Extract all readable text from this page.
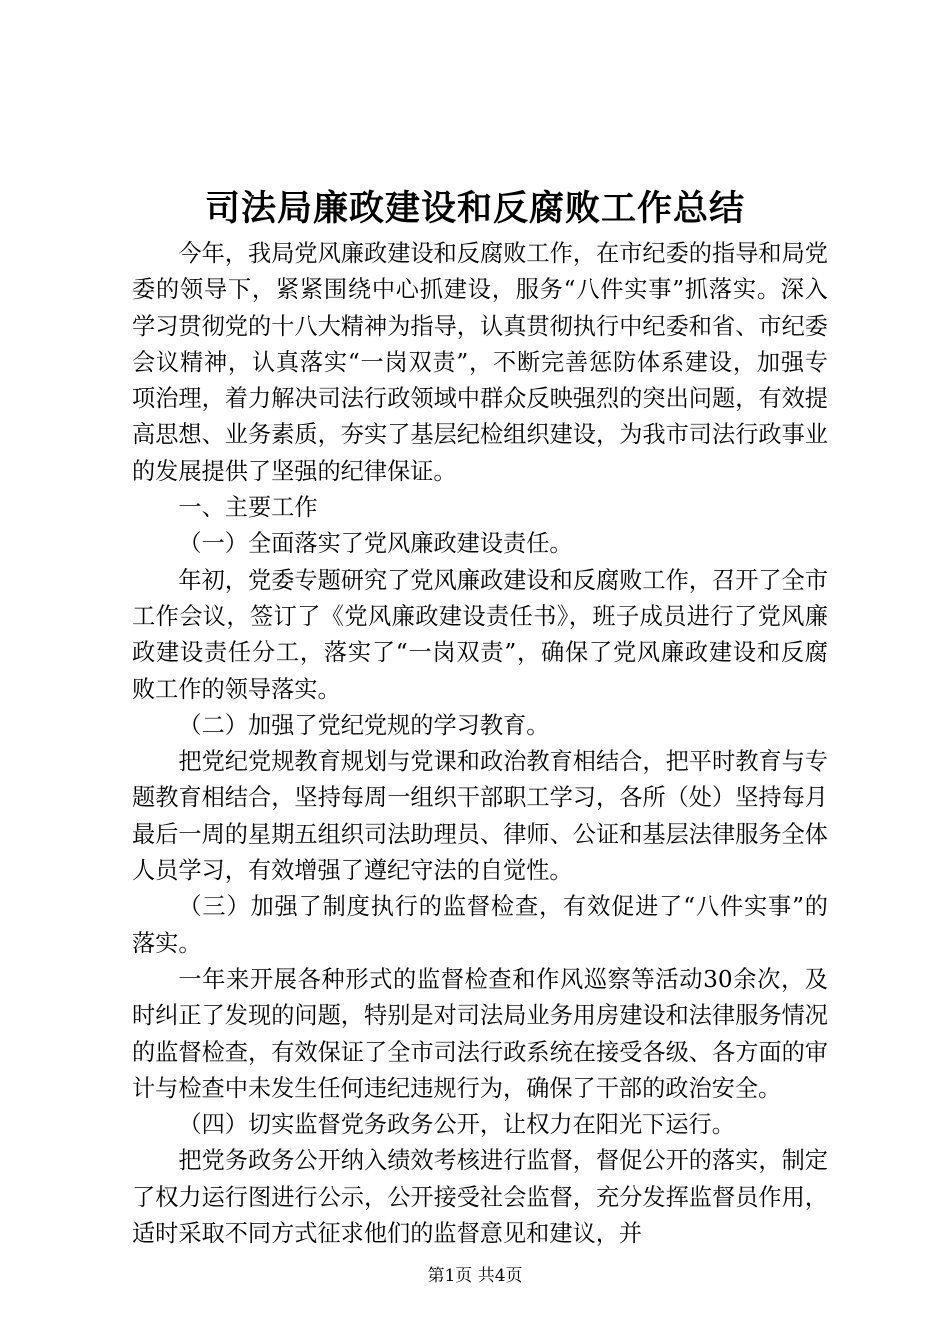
司法局廉政建设和反腐败工作总结

今年，我局党风廉政建设和反腐败工作，在市纪委的指导和局党委的领导下，紧紧围绕中心抓建设，服务“八件实事”抓落实。深入学习贯彻党的十八大精神为指导，认真贯彻执行中纪委和省、市纪委会议精神，认真落实“一岗双责”，不断完善惩防体系建设，加强专项治理，着力解决司法行政领域中群众反映强烈的突出问题，有效提高思想、业务素质，夯实了基层纪检组织建设，为我市司法行政事业的发展提供了坚强的纪律保证。

一、主要工作

（一）全面落实了党风廉政建设责任。

年初，党委专题研究了党风廉政建设和反腐败工作，召开了全市工作会议，签订了《党风廉政建设责任书》，班子成员进行了党风廉政建设责任分工，落实了“一岗双责”，确保了党风廉政建设和反腐败工作的领导落实。

（二）加强了党纪党规的学习教育。

把党纪党规教育规划与党课和政治教育相结合，把平时教育与专题教育相结合，坚持每周一组织干部职工学习，各所（处）坚持每月最后一周的星期五组织司法助理员、律师、公证和基层法律服务全体人员学习，有效增强了遵纪守法的自觉性。

（三）加强了制度执行的监督检查，有效促进了“八件实事”的落实。

一年来开展各种形式的监督检查和作风巡察等活动30余次，及时纠正了发现的问题，特别是对司法局业务用房建设和法律服务情况的监督检查，有效保证了全市司法行政系统在接受各级、各方面的审计与检查中未发生任何违纪违规行为，确保了干部的政治安全。

（四）切实监督党务政务公开，让权力在阳光下运行。

把党务政务公开纳入绩效考核进行监督，督促公开的落实，制定了权力运行图进行公示，公开接受社会监督，充分发挥监督员作用，适时采取不同方式征求他们的监督意见和建议，并

第1页 共4页
